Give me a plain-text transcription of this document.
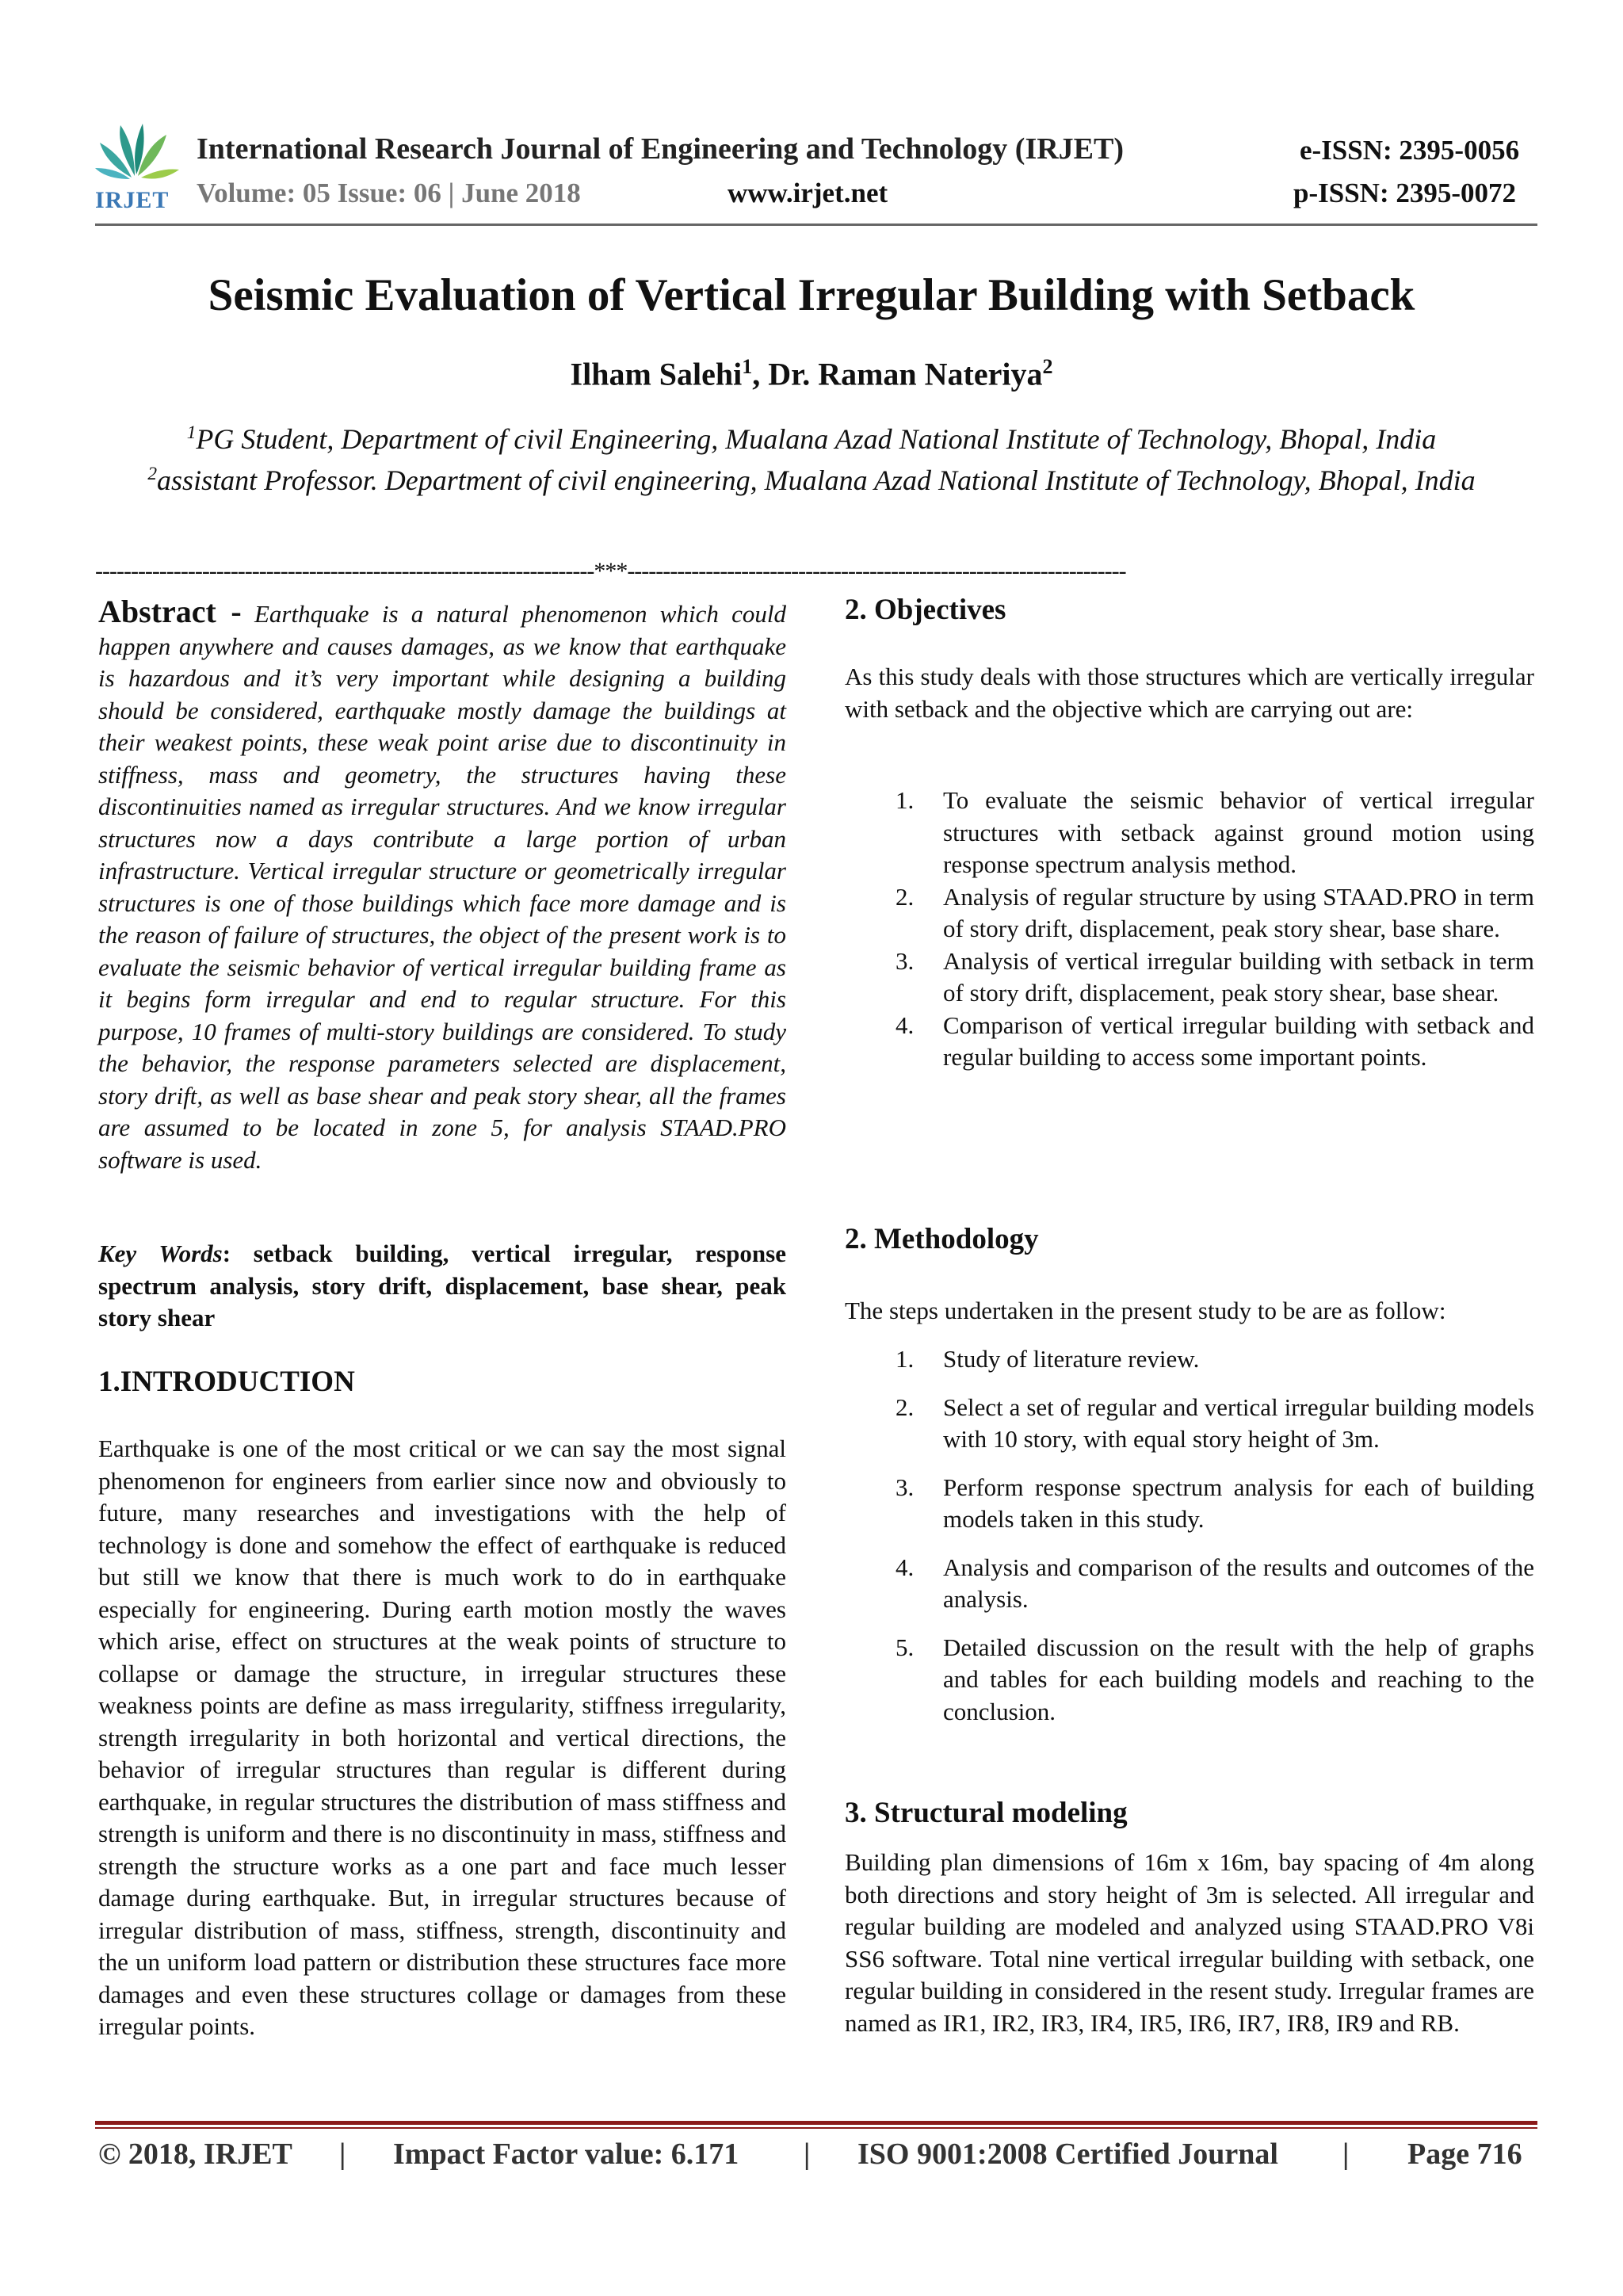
IRJET
International Research Journal of Engineering and Technology (IRJET)	e-ISSN: 2395-0056
Volume: 05 Issue: 06 | June 2018	www.irjet.net	p-ISSN: 2395-0072
Seismic Evaluation of Vertical Irregular Building with Setback
Ilham Salehi$^1$, Dr. Raman Nateriya$^2$
$^1$PG Student, Department of civil Engineering, Mualana Azad National Institute of Technology, Bhopal, India
$^2$assistant Professor. Department of civil engineering, Mualana Azad National Institute of Technology, Bhopal, India
----------------------------------------------------------------------***----------------------------------------------------------------------
Abstract - Earthquake is a natural phenomenon which could happen anywhere and causes damages, as we know that earthquake is hazardous and it’s very important while designing a building should be considered, earthquake mostly damage the buildings at their weakest points, these weak point arise due to discontinuity in stiffness, mass and geometry, the structures having these discontinuities named as irregular structures. And we know irregular structures now a days contribute a large portion of urban infrastructure. Vertical irregular structure or geometrically irregular structures is one of those buildings which face more damage and is the reason of failure of structures, the object of the present work is to evaluate the seismic behavior of vertical irregular building frame as it begins form irregular and end to regular structure. For this purpose, 10 frames of multi-story buildings are considered. To study the behavior, the response parameters selected are displacement, story drift, as well as base shear and peak story shear, all the frames are assumed to be located in zone 5, for analysis STAAD.PRO software is used.
Key Words: setback building, vertical irregular, response spectrum analysis, story drift, displacement, base shear, peak story shear
1.INTRODUCTION
Earthquake is one of the most critical or we can say the most signal phenomenon for engineers from earlier since now and obviously to future, many researches and investigations with the help of technology is done and somehow the effect of earthquake is reduced but still we know that there is much work to do in earthquake especially for engineering. During earth motion mostly the waves which arise, effect on structures at the weak points of structure to collapse or damage the structure, in irregular structures these weakness points are define as mass irregularity, stiffness irregularity, strength irregularity in both horizontal and vertical directions, the behavior of irregular structures than regular is different during earthquake, in regular structures the distribution of mass stiffness and strength is uniform and there is no discontinuity in mass, stiffness and strength the structure works as a one part and face much lesser damage during earthquake. But, in irregular structures because of irregular distribution of mass, stiffness, strength, discontinuity and the un uniform load pattern or distribution these structures face more damages and even these structures collage or damages from these irregular points.
2. Objectives
As this study deals with those structures which are vertically irregular with setback and the objective which are carrying out are:
1. To evaluate the seismic behavior of vertical irregular structures with setback against ground motion using response spectrum analysis method.
2. Analysis of regular structure by using STAAD.PRO in term of story drift, displacement, peak story shear, base share.
3. Analysis of vertical irregular building with setback in term of story drift, displacement, peak story shear, base shear.
4. Comparison of vertical irregular building with setback and regular building to access some important points.
2. Methodology
The steps undertaken in the present study to be are as follow:
1. Study of literature review.
2. Select a set of regular and vertical irregular building models with 10 story, with equal story height of 3m.
3. Perform response spectrum analysis for each of building models taken in this study.
4. Analysis and comparison of the results and outcomes of the analysis.
5. Detailed discussion on the result with the help of graphs and tables for each building models and reaching to the conclusion.
3. Structural modeling
Building plan dimensions of 16m x 16m, bay spacing of 4m along both directions and story height of 3m is selected. All irregular and regular building are modeled and analyzed using STAAD.PRO V8i SS6 software. Total nine vertical irregular building with setback, one regular building in considered in the resent study. Irregular frames are named as IR1, IR2, IR3, IR4, IR5, IR6, IR7, IR8, IR9 and RB.
© 2018, IRJET | Impact Factor value: 6.171 | ISO 9001:2008 Certified Journal | Page 716
